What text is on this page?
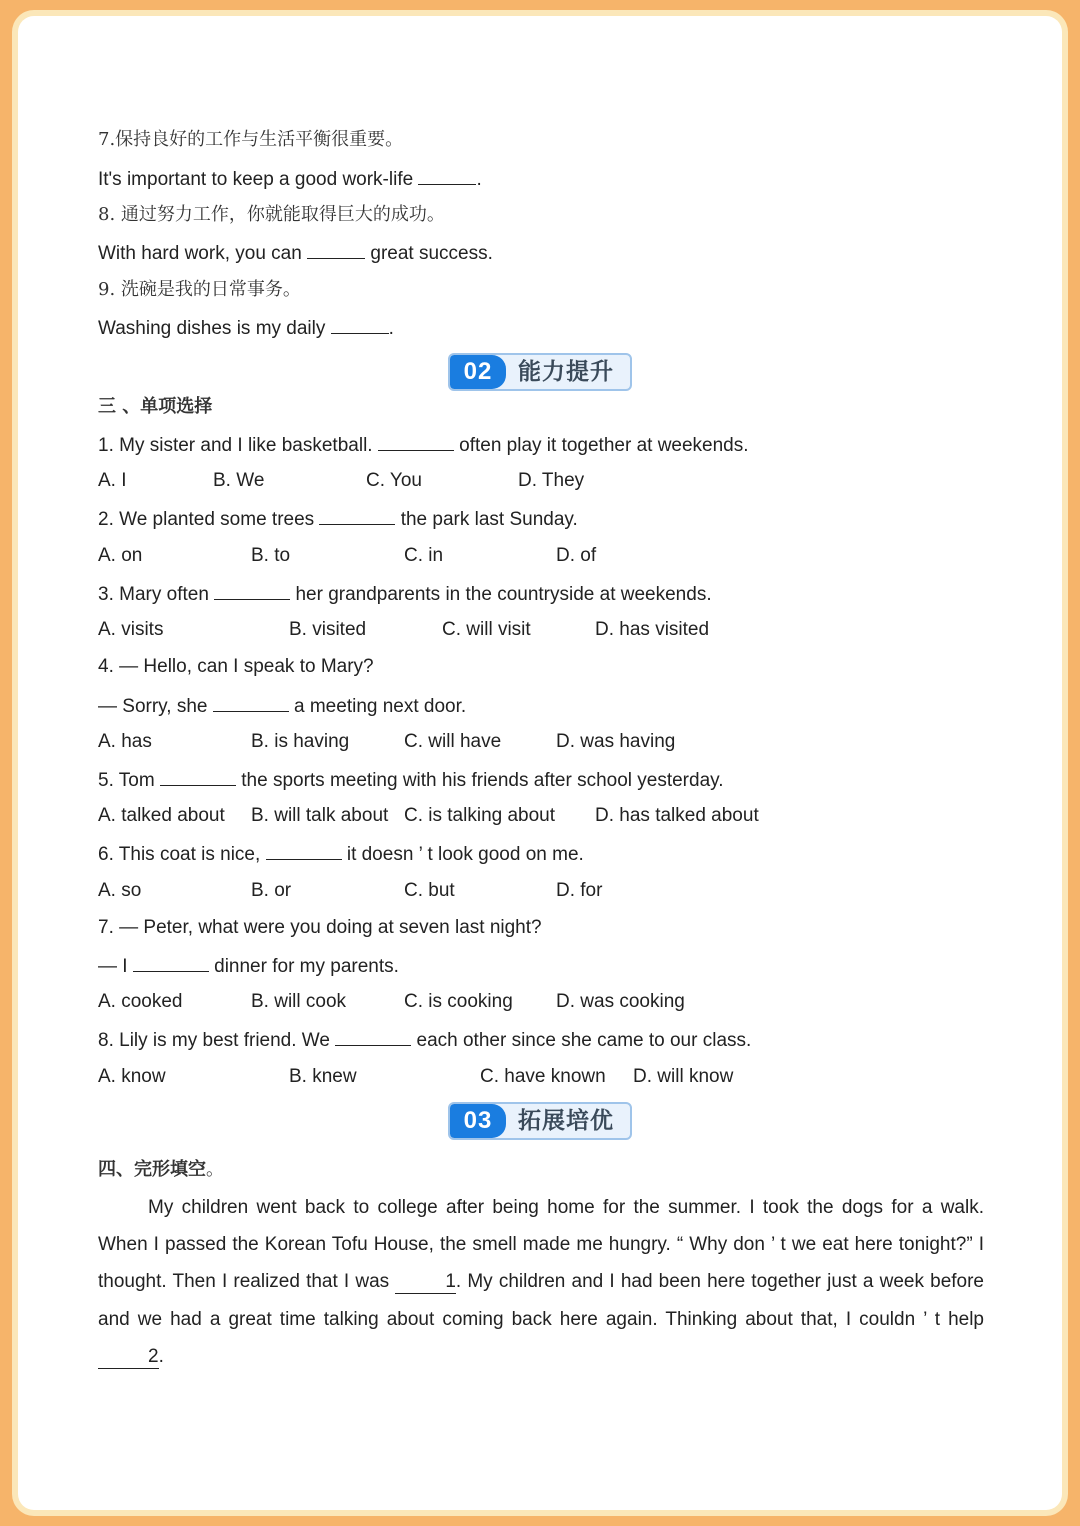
7.保持良好的工作与生活平衡很重要。
It's important to keep a good work-life	.
8. 通过努力工作，你就能取得巨大的成功。
With hard work, you can	great success.
9. 洗碗是我的日常事务。
Washing dishes is my daily	.
02	能力提升
三 、单项选择
1. My sister and I like basketball.	often play it together at weekends.
A. I	B. We	C. You	D. They
2. We planted some trees	the park last Sunday.
A. on	B. to	C. in	D. of
3. Mary often	her grandparents in the countryside at weekends.
A. visits	B. visited	C. will visit	D. has visited
4. — Hello, can I speak to Mary?
— Sorry, she	a meeting next door.
A. has	B. is having	C. will have	D. was having
5. Tom	the sports meeting with his friends after school yesterday.
A. talked about B. will talk about C. is talking about D. has talked about
6. This coat is nice,	it doesn ’ t look good on me.
A. so	B. or	C. but	D. for
7. — Peter, what were you doing at seven last night?
— I	dinner for my parents.
A. cooked	B. will cook	C. is cooking D. was cooking
8. Lily is my best friend. We	each other since she came to our class.
A. know	B. knew	C. have known D. will know
03	拓展培优
四、完形填空。
My children went back to college after being home for the summer. I took the dogs for a walk. When I passed the Korean Tofu House, the smell made me hungry. “ Why don ’ t we eat here tonight?” I thought. Then I realized that I was	1. My children and I had been here together just a week before and we had a great time talking about coming back here again. Thinking about that, I couldn ’ t help 2.
